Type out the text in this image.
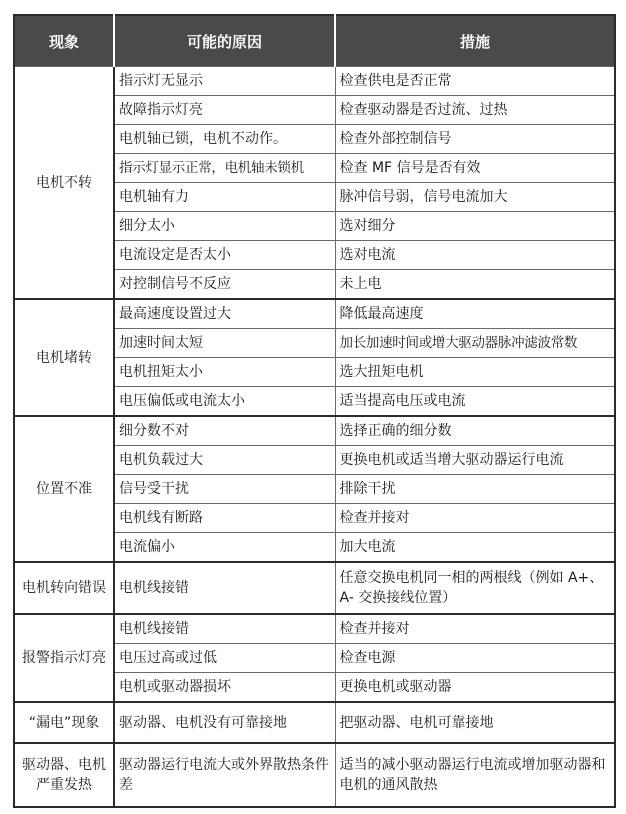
现象	可能的原因	措施
电机不转	指示灯无显示	检查供电是否正常
	故障指示灯亮	检查驱动器是否过流、过热
	电机轴已锁，电机不动作。	检查外部控制信号
	指示灯显示正常，电机轴未锁机	检查 MF 信号是否有效
	电机轴有力	脉冲信号弱，信号电流加大
	细分太小	选对细分
	电流设定是否太小	选对电流
	对控制信号不反应	未上电
电机堵转	最高速度设置过大	降低最高速度
	加速时间太短	加长加速时间或增大驱动器脉冲滤波常数
	电机扭矩太小	选大扭矩电机
	电压偏低或电流太小	适当提高电压或电流
位置不准	细分数不对	选择正确的细分数
	电机负载过大	更换电机或适当增大驱动器运行电流
	信号受干扰	排除干扰
	电机线有断路	检查并接对
	电流偏小	加大电流
电机转向错误	电机线接错	任意交换电机同一相的两根线（例如 A+、A- 交换接线位置）
报警指示灯亮	电机线接错	检查并接对
	电压过高或过低	检查电源
	电机或驱动器损坏	更换电机或驱动器
“漏电”现象	驱动器、电机没有可靠接地	把驱动器、电机可靠接地
驱动器、电机严重发热	驱动器运行电流大或外界散热条件差	适当的减小驱动器运行电流或增加驱动器和电机的通风散热
